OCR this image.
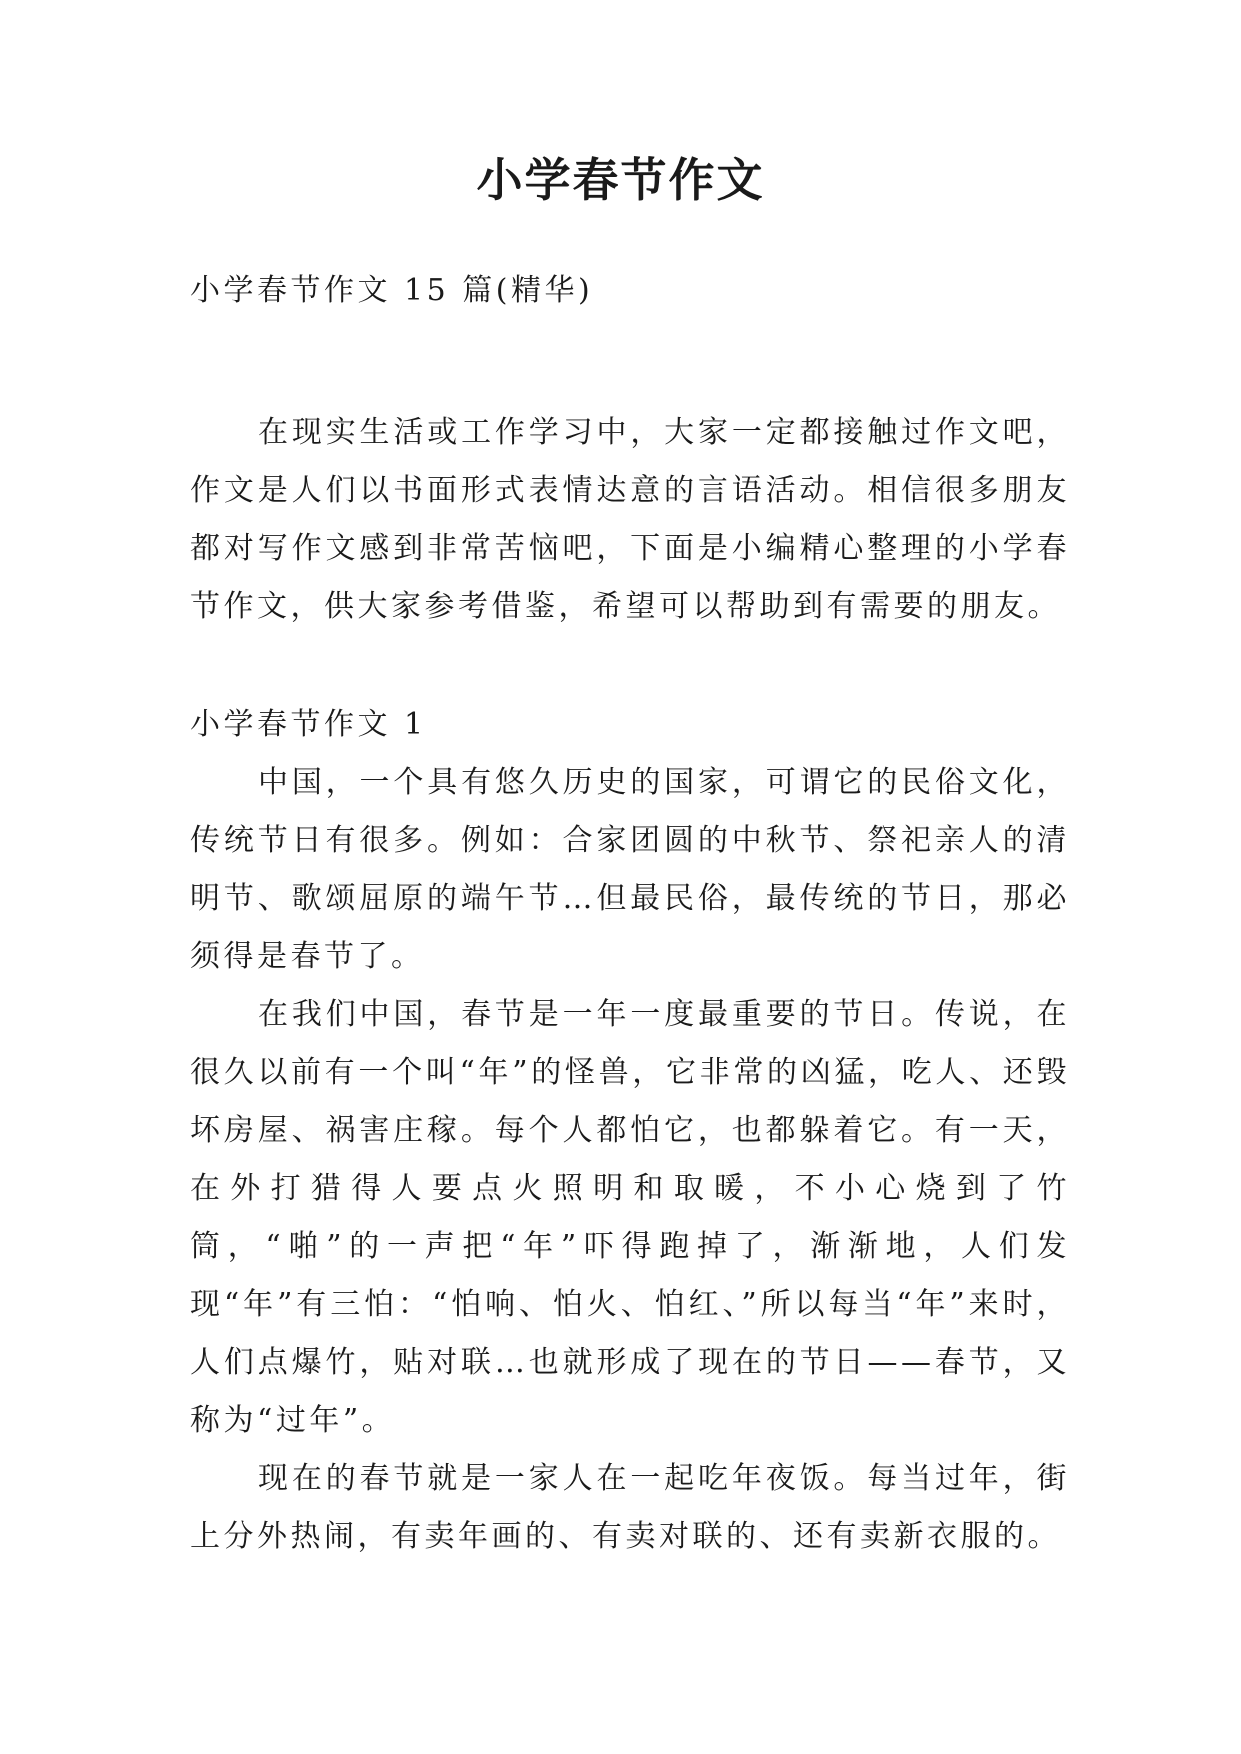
小学春节作文
小学春节作文 15 篇(精华)

在现实生活或工作学习中，大家一定都接触过作文吧，作文是人们以书面形式表情达意的言语活动。相信很多朋友都对写作文感到非常苦恼吧，下面是小编精心整理的小学春节作文，供大家参考借鉴，希望可以帮助到有需要的朋友。

小学春节作文 1

中国，一个具有悠久历史的国家，可谓它的民俗文化，传统节日有很多。例如：合家团圆的中秋节、祭祀亲人的清明节、歌颂屈原的端午节…但最民俗，最传统的节日，那必须得是春节了。

在我们中国，春节是一年一度最重要的节日。传说，在很久以前有一个叫“年”的怪兽，它非常的凶猛，吃人、还毁坏房屋、祸害庄稼。每个人都怕它，也都躲着它。有一天，在外打猎得人要点火照明和取暖，不小心烧到了竹筒，“啪”的一声把“年”吓得跑掉了，渐渐地，人们发现“年”有三怕：“怕响、怕火、怕红、”所以每当“年”来时，人们点爆竹，贴对联…也就形成了现在的节日——春节，又称为“过年”。

现在的春节就是一家人在一起吃年夜饭。每当过年，街上分外热闹，有卖年画的、有卖对联的、还有卖新衣服的。
